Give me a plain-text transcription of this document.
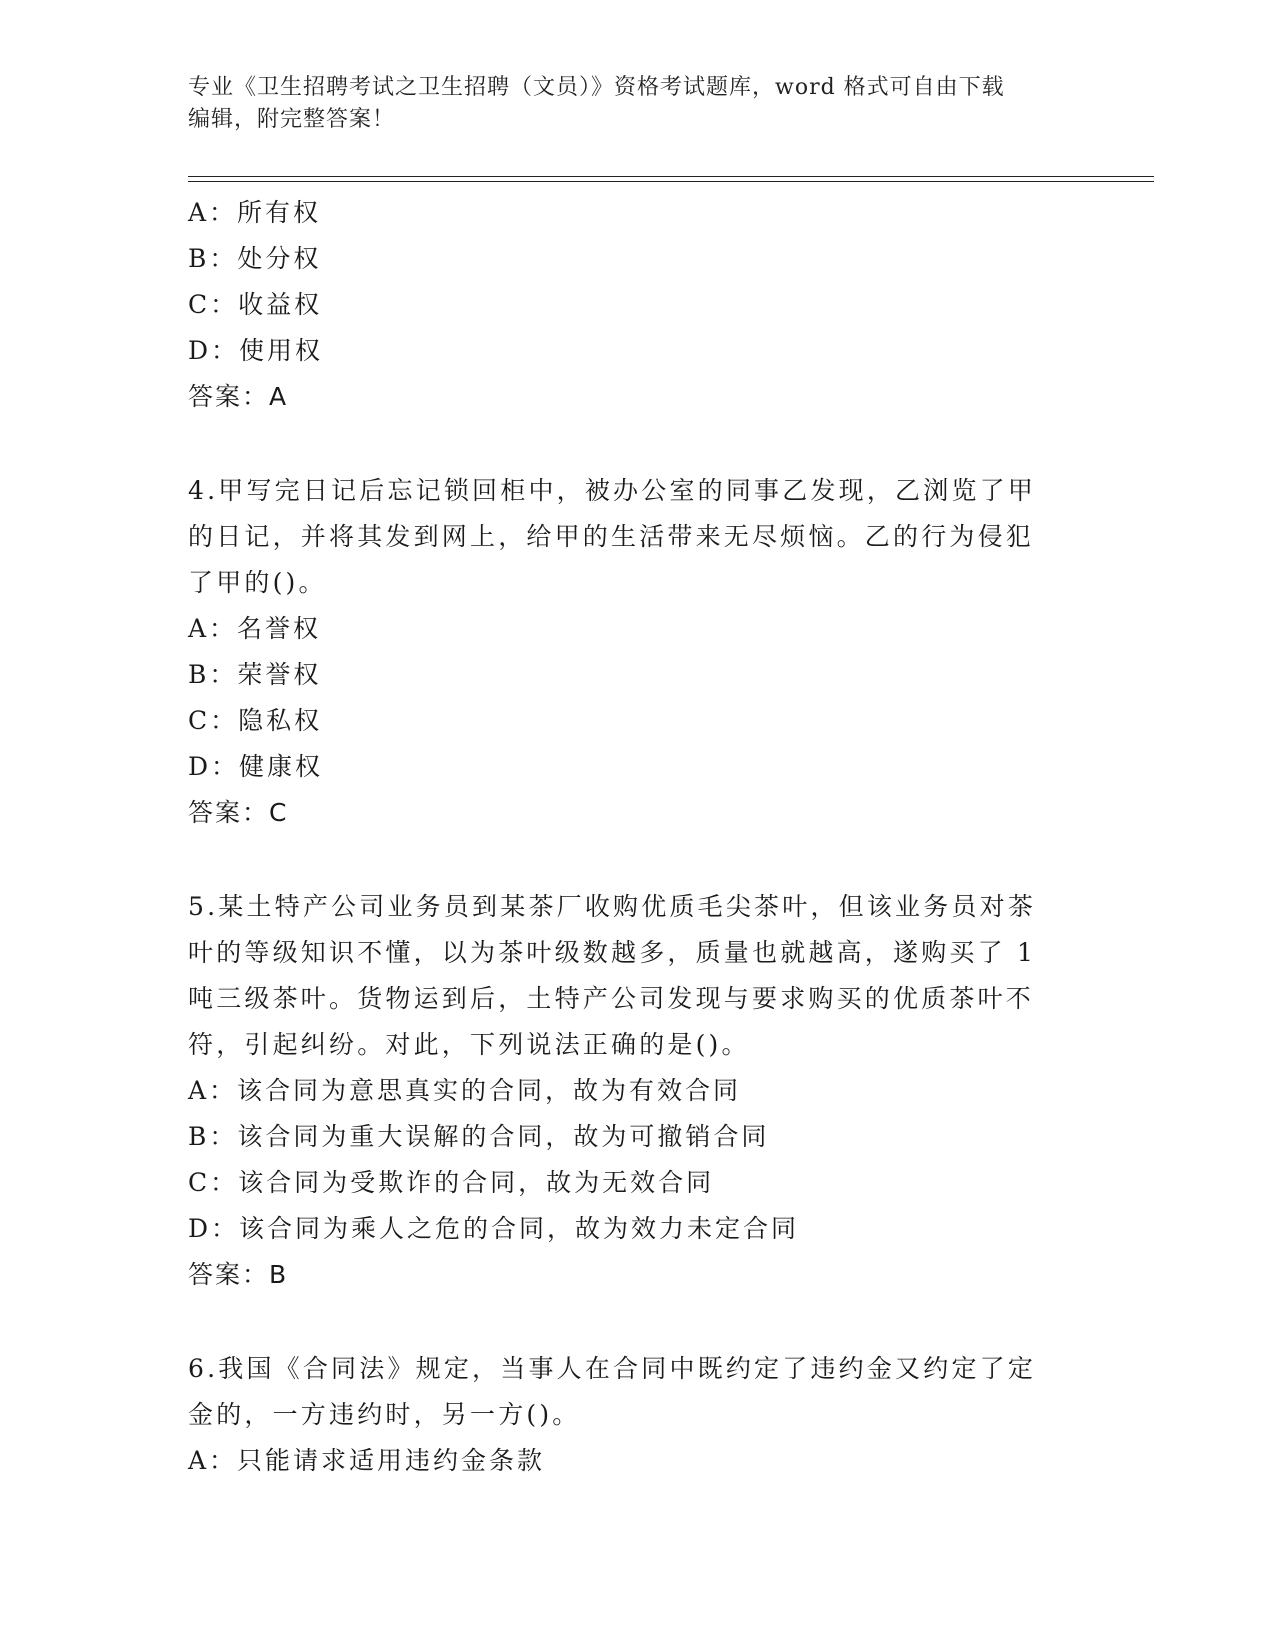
专业《卫生招聘考试之卫生招聘（文员）》资格考试题库，word 格式可自由下载
编辑，附完整答案！
A：所有权
B：处分权
C：收益权
D：使用权
答案：A
4.甲写完日记后忘记锁回柜中，被办公室的同事乙发现，乙浏览了甲
的日记，并将其发到网上，给甲的生活带来无尽烦恼。乙的行为侵犯
了甲的()。
A：名誉权
B：荣誉权
C：隐私权
D：健康权
答案：C
5.某土特产公司业务员到某茶厂收购优质毛尖茶叶，但该业务员对茶
叶的等级知识不懂，以为茶叶级数越多，质量也就越高，遂购买了 1
吨三级茶叶。货物运到后，土特产公司发现与要求购买的优质茶叶不
符，引起纠纷。对此，下列说法正确的是()。
A：该合同为意思真实的合同，故为有效合同
B：该合同为重大误解的合同，故为可撤销合同
C：该合同为受欺诈的合同，故为无效合同
D：该合同为乘人之危的合同，故为效力未定合同
答案：B
6.我国《合同法》规定，当事人在合同中既约定了违约金又约定了定
金的，一方违约时，另一方()。
A：只能请求适用违约金条款
